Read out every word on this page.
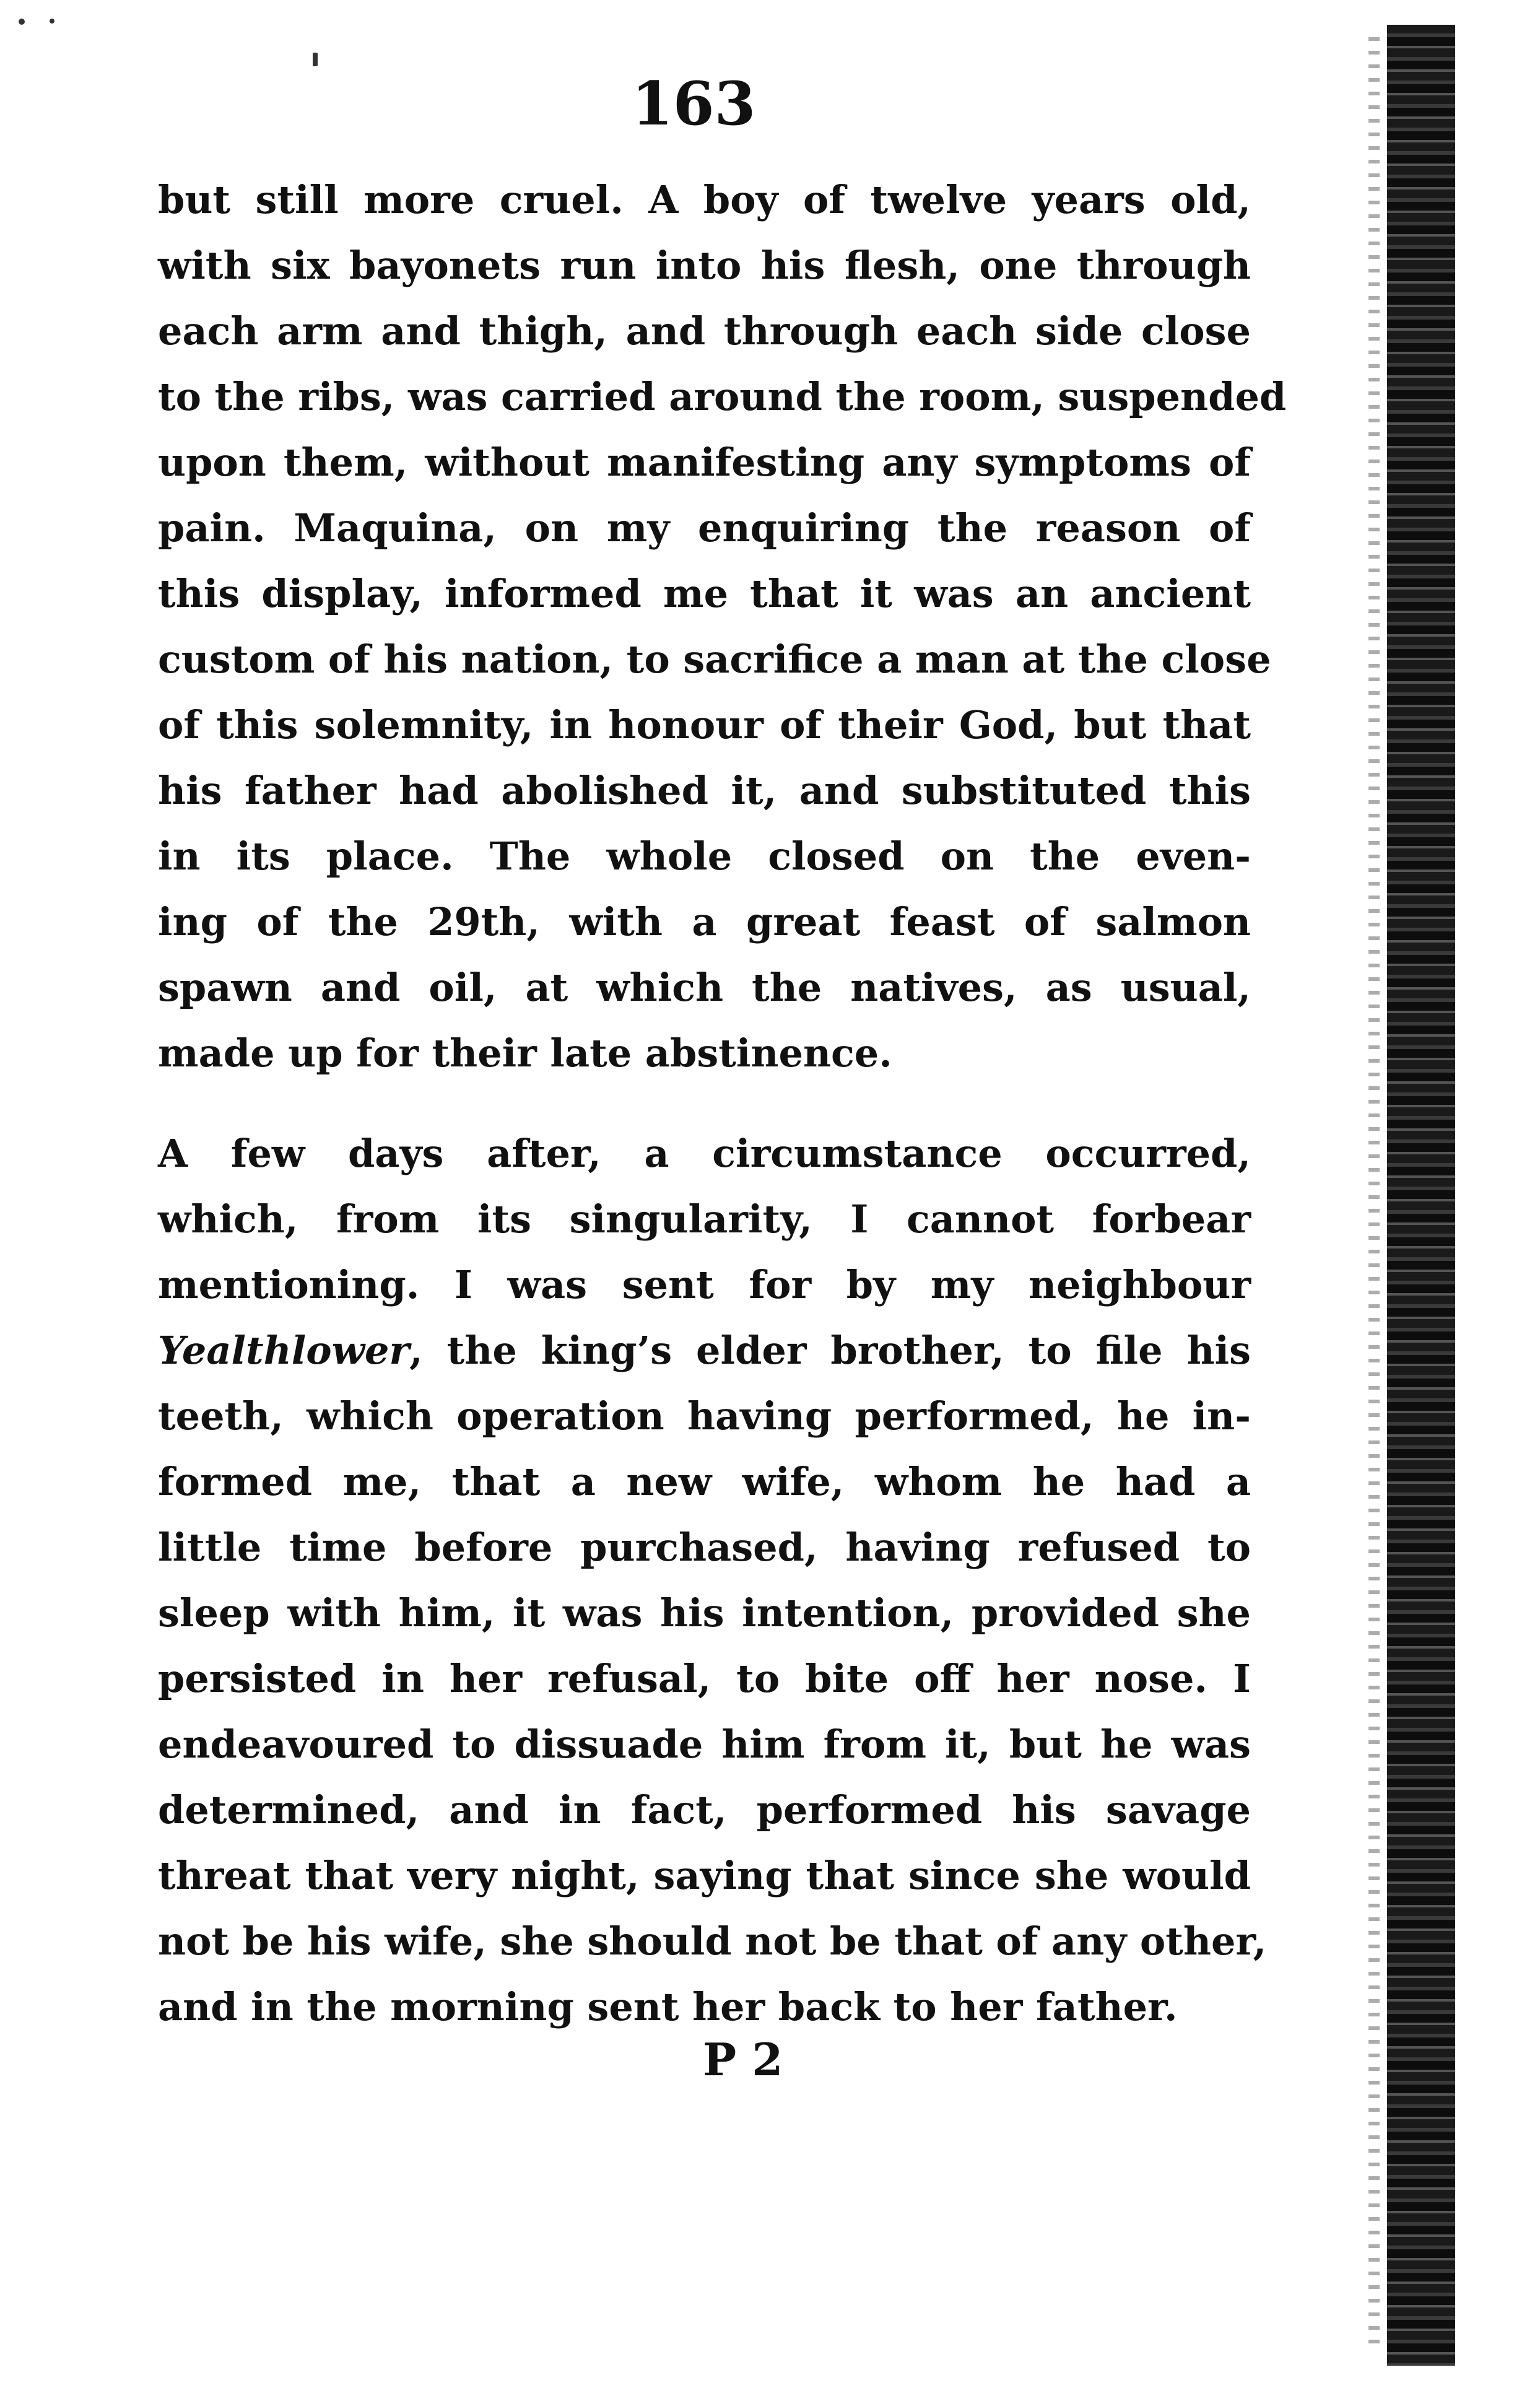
163
but still more cruel. A boy of twelve years old,
with six bayonets run into his flesh, one through
each arm and thigh, and through each side close
to the ribs, was carried around the room, suspended
upon them, without manifesting any symptoms of
pain. Maquina, on my enquiring the reason of
this display, informed me that it was an ancient
custom of his nation, to sacrifice a man at the close
of this solemnity, in honour of their God, but that
his father had abolished it, and substituted this
in its place. The whole closed on the even-
ing of the 29th, with a great feast of salmon
spawn and oil, at which the natives, as usual,
made up for their late abstinence.
A few days after, a circumstance occurred,
which, from its singularity, I cannot forbear
mentioning. I was sent for by my neighbour
Yealthlower, the king’s elder brother, to file his
teeth, which operation having performed, he in-
formed me, that a new wife, whom he had a
little time before purchased, having refused to
sleep with him, it was his intention, provided she
persisted in her refusal, to bite off her nose. I
endeavoured to dissuade him from it, but he was
determined, and in fact, performed his savage
threat that very night, saying that since she would
not be his wife, she should not be that of any other,
and in the morning sent her back to her father.
P 2
